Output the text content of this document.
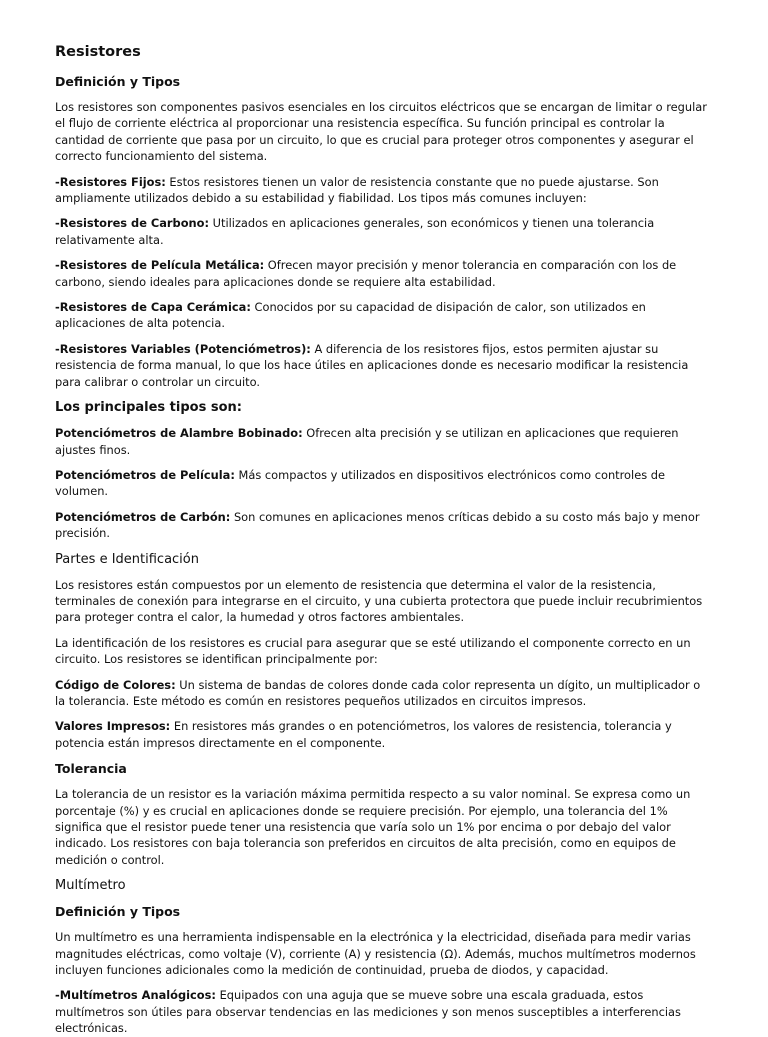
Resistores
Definición y Tipos

Los resistores son componentes pasivos esenciales en los circuitos eléctricos que se encargan de limitar o regular el flujo de corriente eléctrica al proporcionar una resistencia específica. Su función principal es controlar la cantidad de corriente que pasa por un circuito, lo que es crucial para proteger otros componentes y asegurar el correcto funcionamiento del sistema.

-Resistores Fijos: Estos resistores tienen un valor de resistencia constante que no puede ajustarse. Son ampliamente utilizados debido a su estabilidad y fiabilidad. Los tipos más comunes incluyen:

-Resistores de Carbono: Utilizados en aplicaciones generales, son económicos y tienen una tolerancia relativamente alta.

-Resistores de Película Metálica: Ofrecen mayor precisión y menor tolerancia en comparación con los de carbono, siendo ideales para aplicaciones donde se requiere alta estabilidad.

-Resistores de Capa Cerámica: Conocidos por su capacidad de disipación de calor, son utilizados en aplicaciones de alta potencia.

-Resistores Variables (Potenciómetros): A diferencia de los resistores fijos, estos permiten ajustar su resistencia de forma manual, lo que los hace útiles en aplicaciones donde es necesario modificar la resistencia para calibrar o controlar un circuito.

Los principales tipos son:

Potenciómetros de Alambre Bobinado: Ofrecen alta precisión y se utilizan en aplicaciones que requieren ajustes finos.

Potenciómetros de Película: Más compactos y utilizados en dispositivos electrónicos como controles de volumen.

Potenciómetros de Carbón: Son comunes en aplicaciones menos críticas debido a su costo más bajo y menor precisión.

Partes e Identificación

Los resistores están compuestos por un elemento de resistencia que determina el valor de la resistencia, terminales de conexión para integrarse en el circuito, y una cubierta protectora que puede incluir recubrimientos para proteger contra el calor, la humedad y otros factores ambientales.

La identificación de los resistores es crucial para asegurar que se esté utilizando el componente correcto en un circuito. Los resistores se identifican principalmente por:

Código de Colores: Un sistema de bandas de colores donde cada color representa un dígito, un multiplicador o la tolerancia. Este método es común en resistores pequeños utilizados en circuitos impresos.

Valores Impresos: En resistores más grandes o en potenciómetros, los valores de resistencia, tolerancia y potencia están impresos directamente en el componente.

Tolerancia

La tolerancia de un resistor es la variación máxima permitida respecto a su valor nominal. Se expresa como un porcentaje (%) y es crucial en aplicaciones donde se requiere precisión. Por ejemplo, una tolerancia del 1% significa que el resistor puede tener una resistencia que varía solo un 1% por encima o por debajo del valor indicado. Los resistores con baja tolerancia son preferidos en circuitos de alta precisión, como en equipos de medición o control.

Multímetro
Definición y Tipos

Un multímetro es una herramienta indispensable en la electrónica y la electricidad, diseñada para medir varias magnitudes eléctricas, como voltaje (V), corriente (A) y resistencia (Ω). Además, muchos multímetros modernos incluyen funciones adicionales como la medición de continuidad, prueba de diodos, y capacidad.

-Multímetros Analógicos: Equipados con una aguja que se mueve sobre una escala graduada, estos multímetros son útiles para observar tendencias en las mediciones y son menos susceptibles a interferencias electrónicas.
